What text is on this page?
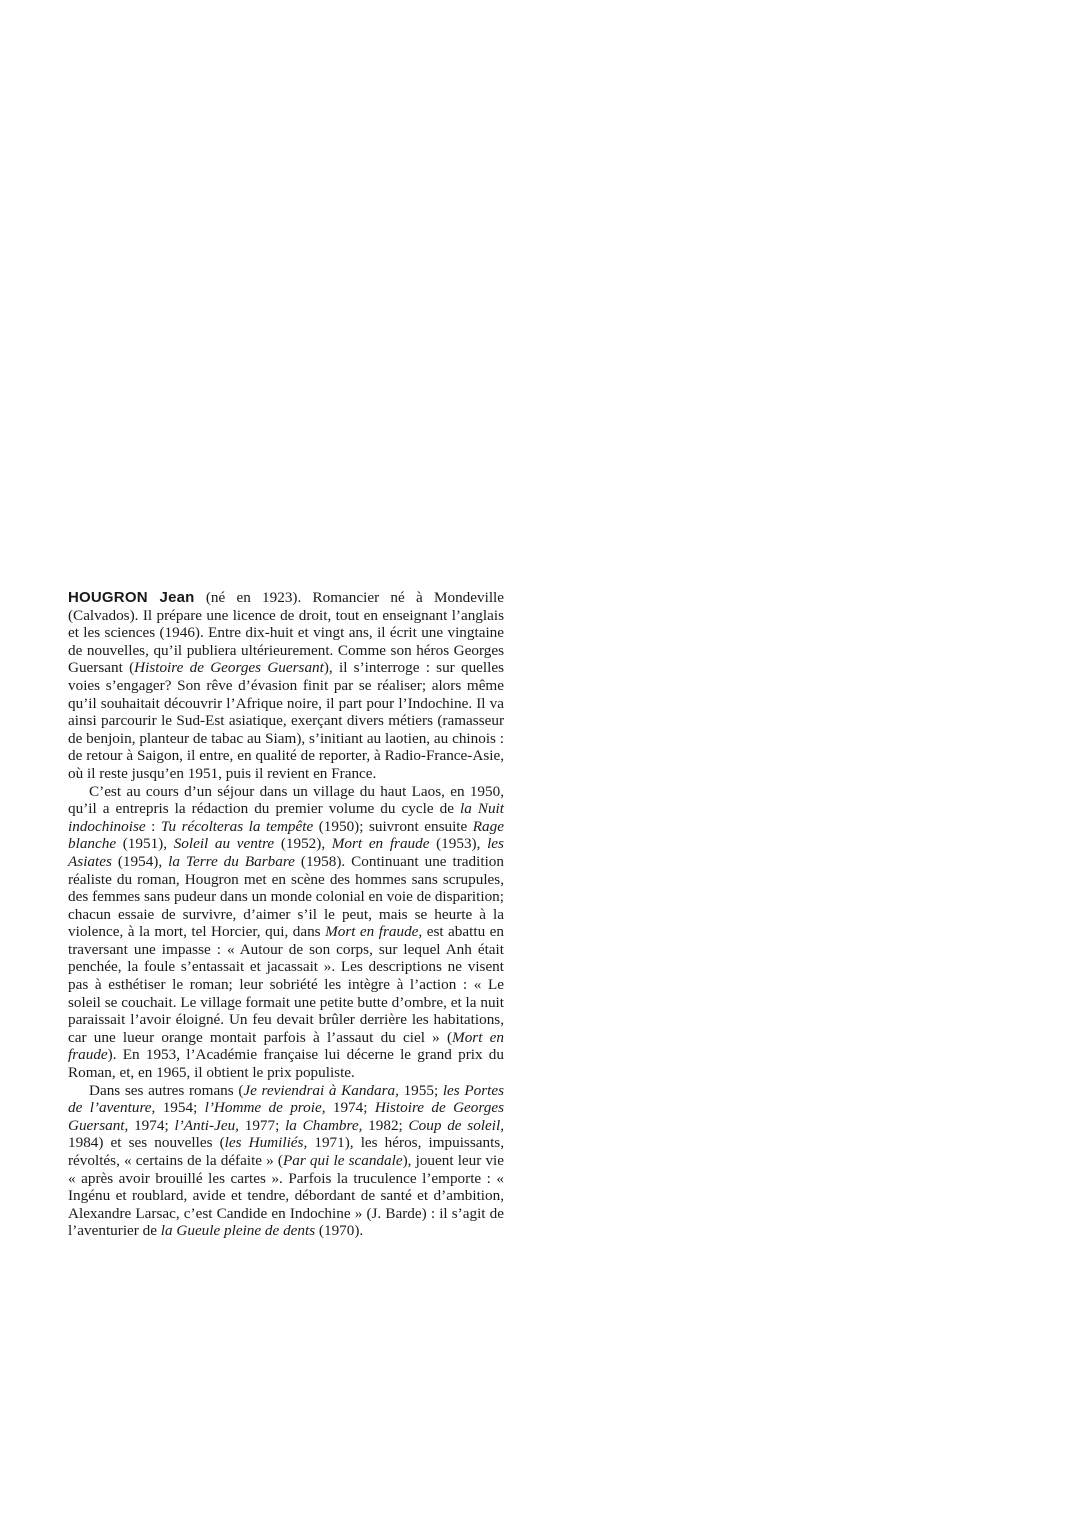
HOUGRON Jean (né en 1923). Romancier né à Mondeville (Calvados). Il prépare une licence de droit, tout en enseignant l’anglais et les sciences (1946). Entre dix-huit et vingt ans, il écrit une vingtaine de nouvelles, qu’il publiera ultérieurement. Comme son héros Georges Guersant (Histoire de Georges Guersant), il s’interroge : sur quelles voies s’engager? Son rêve d’évasion finit par se réaliser; alors même qu’il souhaitait découvrir l’Afrique noire, il part pour l’Indochine. Il va ainsi parcourir le Sud-Est asiatique, exerçant divers métiers (ramasseur de benjoin, planteur de tabac au Siam), s’initiant au laotien, au chinois : de retour à Saigon, il entre, en qualité de reporter, à Radio-France-Asie, où il reste jusqu’en 1951, puis il revient en France.

C’est au cours d’un séjour dans un village du haut Laos, en 1950, qu’il a entrepris la rédaction du premier volume du cycle de la Nuit indochinoise : Tu récolteras la tempête (1950); suivront ensuite Rage blanche (1951), Soleil au ventre (1952), Mort en fraude (1953), les Asiates (1954), la Terre du Barbare (1958). Continuant une tradition réaliste du roman, Hougron met en scène des hommes sans scrupules, des femmes sans pudeur dans un monde colonial en voie de disparition; chacun essaie de survivre, d’aimer s’il le peut, mais se heurte à la violence, à la mort, tel Horcier, qui, dans Mort en fraude, est abattu en traversant une impasse : « Autour de son corps, sur lequel Anh était penchée, la foule s’entassait et jacassait ». Les descriptions ne visent pas à esthétiser le roman; leur sobriété les intègre à l’action : « Le soleil se couchait. Le village formait une petite butte d’ombre, et la nuit paraissait l’avoir éloigné. Un feu devait brûler derrière les habitations, car une lueur orange montait parfois à l’assaut du ciel » (Mort en fraude). En 1953, l’Académie française lui décerne le grand prix du Roman, et, en 1965, il obtient le prix populiste.

Dans ses autres romans (Je reviendrai à Kandara, 1955; les Portes de l’aventure, 1954; l’Homme de proie, 1974; Histoire de Georges Guersant, 1974; l’Anti-Jeu, 1977; la Chambre, 1982; Coup de soleil, 1984) et ses nouvelles (les Humiliés, 1971), les héros, impuissants, révoltés, « certains de la défaite » (Par qui le scandale), jouent leur vie « après avoir brouillé les cartes ». Parfois la truculence l’emporte : « Ingénu et roublard, avide et tendre, débordant de santé et d’ambition, Alexandre Larsac, c’est Candide en Indochine » (J. Barde) : il s’agit de l’aventurier de la Gueule pleine de dents (1970).
